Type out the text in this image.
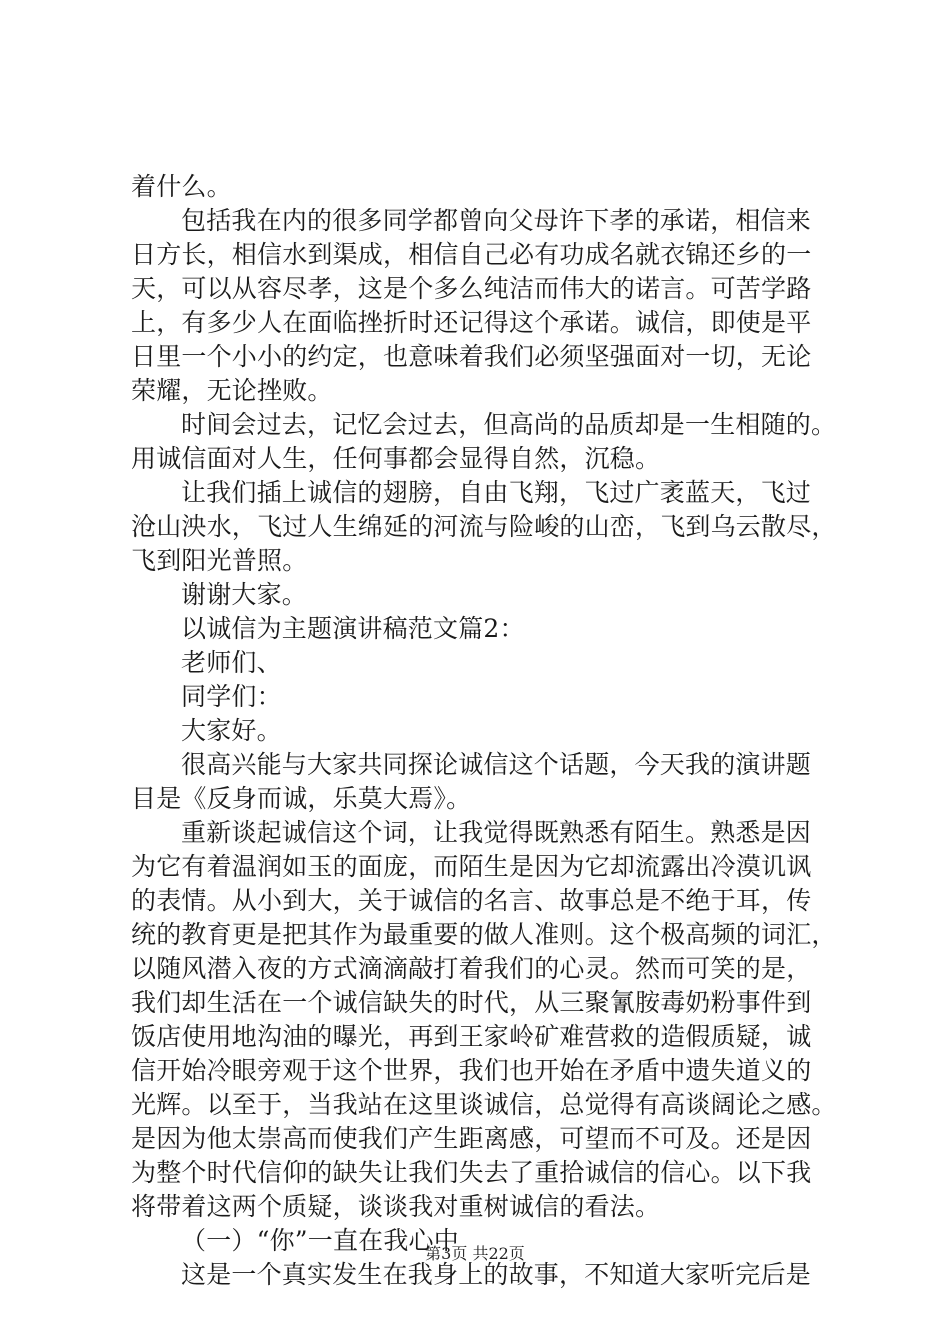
着什么。
包括我在内的很多同学都曾向父母许下孝的承诺，相信来
日方长，相信水到渠成，相信自己必有功成名就衣锦还乡的一
天，可以从容尽孝，这是个多么纯洁而伟大的诺言。可苦学路
上，有多少人在面临挫折时还记得这个承诺。诚信，即使是平
日里一个小小的约定，也意味着我们必须坚强面对一切，无论
荣耀，无论挫败。
时间会过去，记忆会过去，但高尚的品质却是一生相随的。
用诚信面对人生，任何事都会显得自然，沉稳。
让我们插上诚信的翅膀，自由飞翔，飞过广袤蓝天，飞过
沧山泱水，飞过人生绵延的河流与险峻的山峦，飞到乌云散尽，
飞到阳光普照。
谢谢大家。
以诚信为主题演讲稿范文篇2：
老师们、
同学们：
大家好。
很高兴能与大家共同探论诚信这个话题，今天我的演讲题
目是《反身而诚，乐莫大焉》。
重新谈起诚信这个词，让我觉得既熟悉有陌生。熟悉是因
为它有着温润如玉的面庞，而陌生是因为它却流露出冷漠讥讽
的表情。从小到大，关于诚信的名言、故事总是不绝于耳，传
统的教育更是把其作为最重要的做人准则。这个极高频的词汇，
以随风潜入夜的方式滴滴敲打着我们的心灵。然而可笑的是，
我们却生活在一个诚信缺失的时代，从三聚氰胺毒奶粉事件到
饭店使用地沟油的曝光，再到王家岭矿难营救的造假质疑，诚
信开始冷眼旁观于这个世界，我们也开始在矛盾中遗失道义的
光辉。以至于，当我站在这里谈诚信，总觉得有高谈阔论之感。
是因为他太崇高而使我们产生距离感，可望而不可及。还是因
为整个时代信仰的缺失让我们失去了重拾诚信的信心。以下我
将带着这两个质疑，谈谈我对重树诚信的看法。
（一）“你”一直在我心中
这是一个真实发生在我身上的故事，不知道大家听完后是
第3页 共22页
